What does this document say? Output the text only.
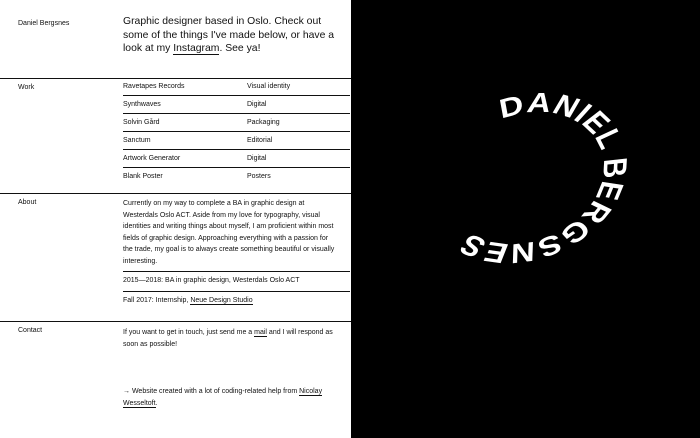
Daniel Bergsnes	Graphic designer based in Oslo. Check out some of the things I've made below, or have a look at my Instagram. See ya!
Work	Ravetapes Records	Visual identity
Synthwaves	Digital
Solvin Gård	Packaging
Sanctum	Editorial
Artwork Generator	Digital
Blank Poster	Posters
About	Currently on my way to complete a BA in graphic design at Westerdals Oslo ACT. Aside from my love for typography, visual identities and writing things about myself, I am proficient within most fields of graphic design. Approaching everything with a passion for the trade, my goal is to always create something beautiful or visually interesting.
2015—2018: BA in graphic design, Westerdals Oslo ACT
Fall 2017: Internship, Neue Design Studio
Contact	If you want to get in touch, just send me a mail and I will respond as soon as possible!
→ Website created with a lot of coding-related help from Nicolay Wesseltoft.
DANIEL BERGSNES
